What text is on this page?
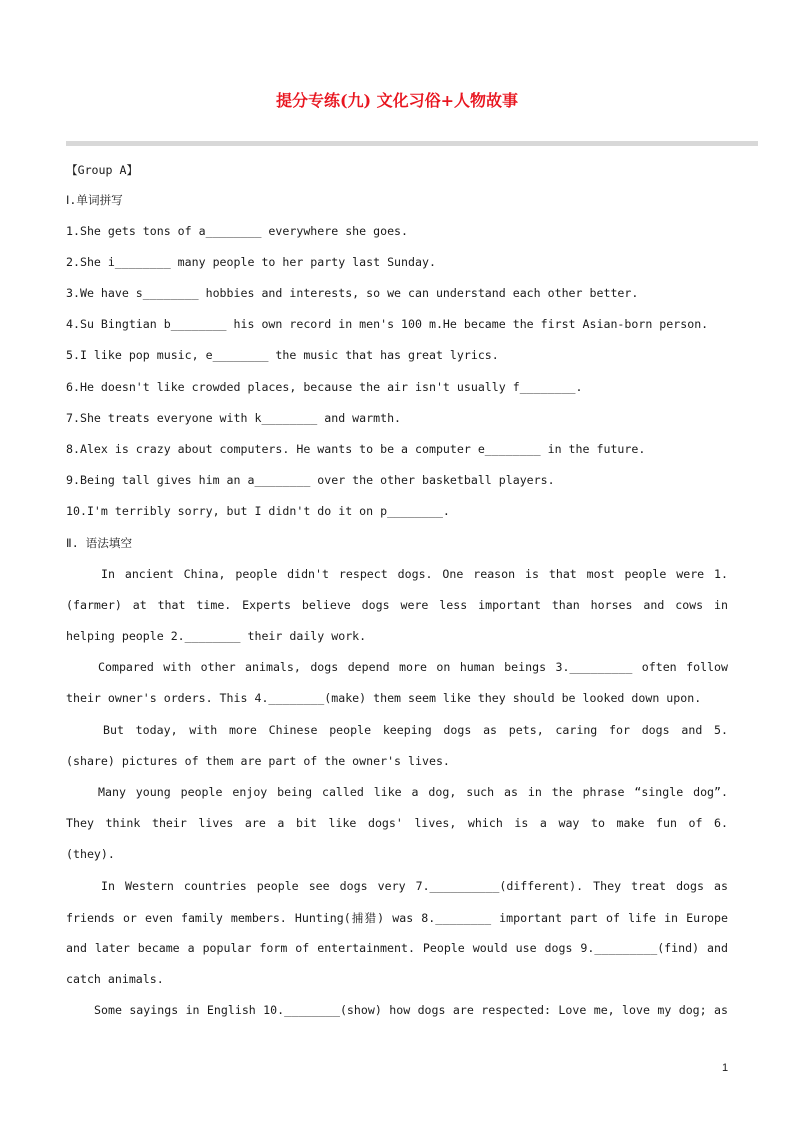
提分专练(九) 文化习俗+人物故事
【Group A】
Ⅰ.单词拼写
1.She gets tons of a________ everywhere she goes.
2.She i________ many people to her party last Sunday.
3.We have s________ hobbies and interests, so we can understand each other better.
4.Su Bingtian b________ his own record in men's 100 m.He became the first Asian-born person.
5.I like pop music, e________ the music that has great lyrics.
6.He doesn't like crowded places, because the air isn't usually f________.
7.She treats everyone with k________ and warmth.
8.Alex is crazy about computers. He wants to be a computer e________ in the future.
9.Being tall gives him an a________ over the other basketball players.
10.I'm terribly sorry, but I didn't do it on p________.
Ⅱ. 语法填空
In ancient China, people didn't respect dogs. One reason is that most people were 1.
(farmer) at that time. Experts believe dogs were less important than horses and cows in
helping people 2.________ their daily work.
Compared with other animals, dogs depend more on human beings 3._________ often follow
their owner's orders. This 4.________(make) them seem like they should be looked down upon.
But today, with more Chinese people keeping dogs as pets, caring for dogs and 5.
(share) pictures of them are part of the owner's lives.
Many young people enjoy being called like a dog, such as in the phrase “single dog”.
They think their lives are a bit like dogs' lives, which is a way to make fun of 6.
(they).
In Western countries people see dogs very 7.__________(different). They treat dogs as
friends or even family members. Hunting(捕猎) was 8.________ important part of life in Europe
and later became a popular form of entertainment. People would use dogs 9._________(find) and
catch animals.
Some sayings in English 10.________(show) how dogs are respected: Love me, love my dog; as
1
